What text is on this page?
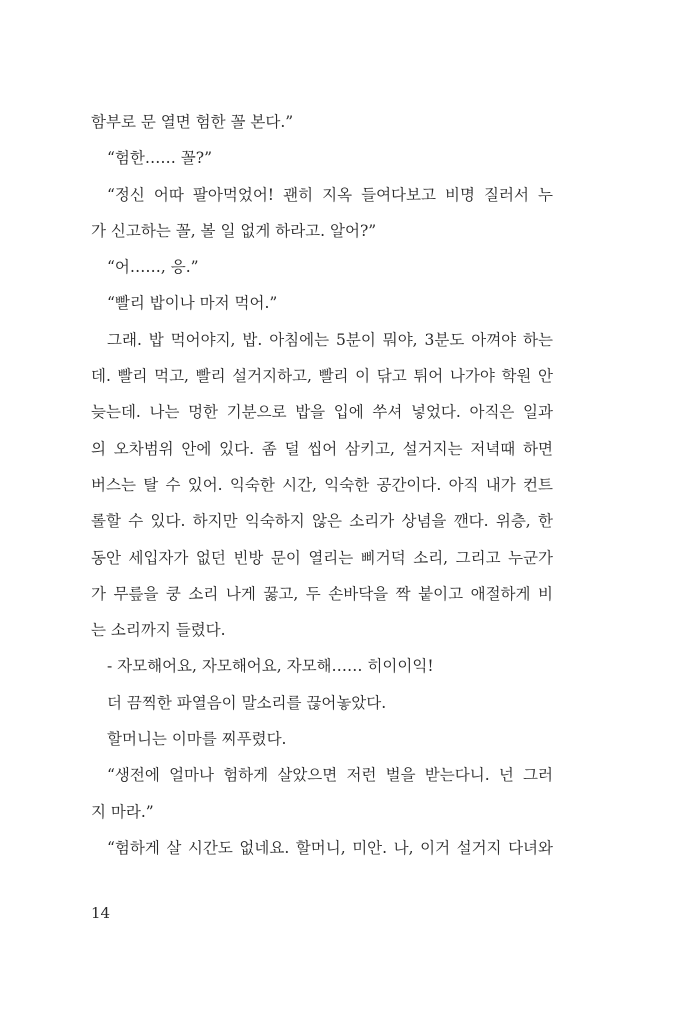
함부로 문 열면 험한 꼴 본다.”
“험한…… 꼴?”
“정신 어따 팔아먹었어! 괜히 지옥 들여다보고 비명 질러서 누
가 신고하는 꼴, 볼 일 없게 하라고. 알어?”
“어……, 응.”
“빨리 밥이나 마저 먹어.”
그래. 밥 먹어야지, 밥. 아침에는 5분이 뭐야, 3분도 아껴야 하는
데. 빨리 먹고, 빨리 설거지하고, 빨리 이 닦고 튀어 나가야 학원 안
늦는데. 나는 멍한 기분으로 밥을 입에 쑤셔 넣었다. 아직은 일과
의 오차범위 안에 있다. 좀 덜 씹어 삼키고, 설거지는 저녁때 하면
버스는 탈 수 있어. 익숙한 시간, 익숙한 공간이다. 아직 내가 컨트
롤할 수 있다. 하지만 익숙하지 않은 소리가 상념을 깬다. 위층, 한
동안 세입자가 없던 빈방 문이 열리는 삐거덕 소리, 그리고 누군가
가 무릎을 쿵 소리 나게 꿇고, 두 손바닥을 짝 붙이고 애절하게 비
는 소리까지 들렸다.
- 자모해어요, 자모해어요, 자모해…… 히이이익!
더 끔찍한 파열음이 말소리를 끊어놓았다.
할머니는 이마를 찌푸렸다.
“생전에 얼마나 험하게 살았으면 저런 벌을 받는다니. 넌 그러
지 마라.”
“험하게 살 시간도 없네요. 할머니, 미안. 나, 이거 설거지 다녀와
14
